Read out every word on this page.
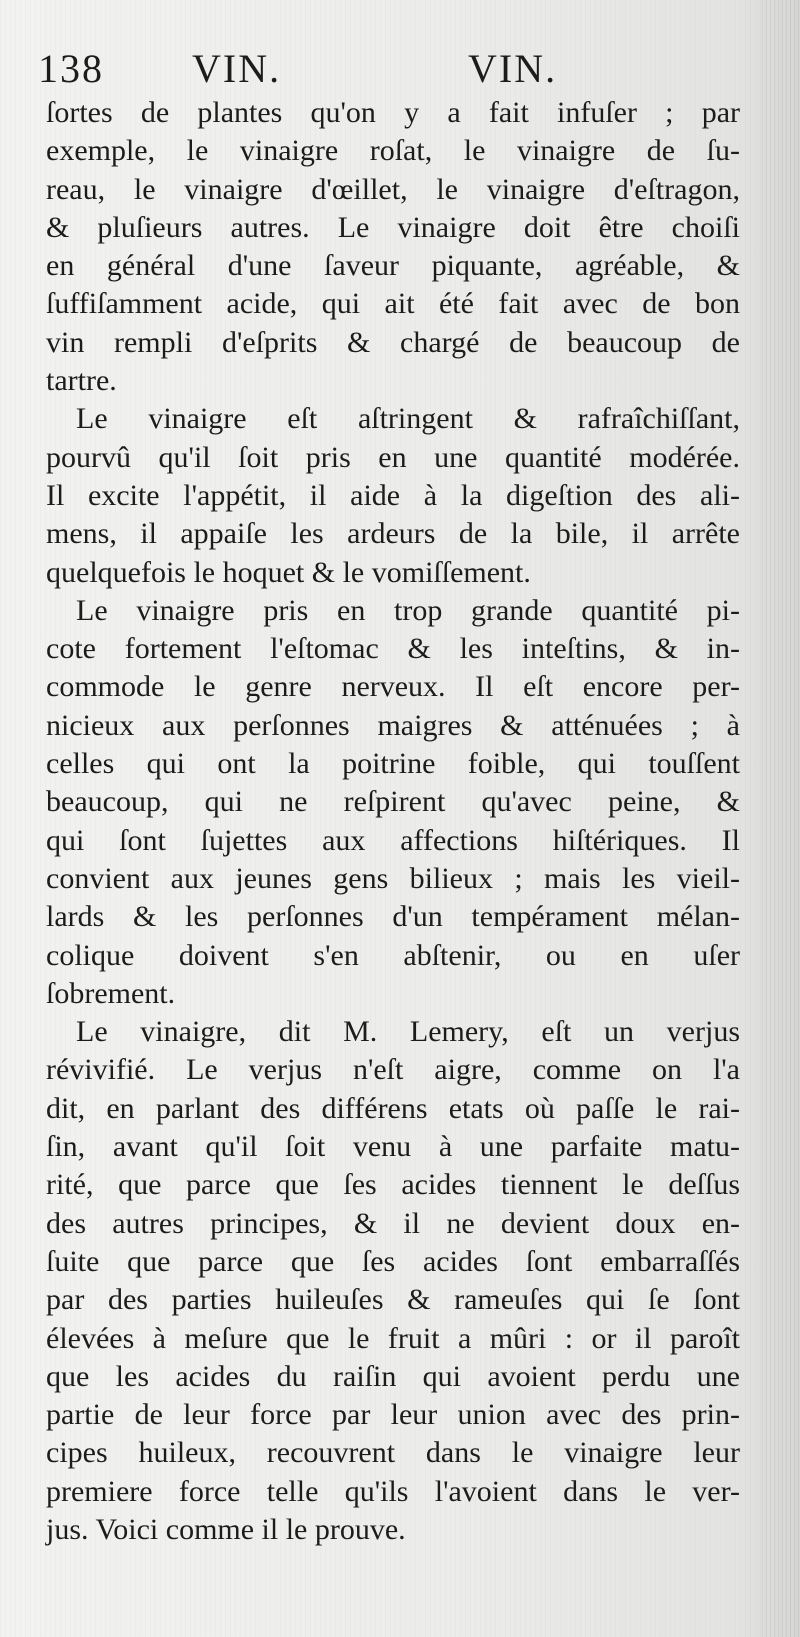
138 VIN.	VIN.
ſortes de plantes qu'on y a fait infuſer ; par
exemple, le vinaigre roſat, le vinaigre de ſu-
reau, le vinaigre d'œillet, le vinaigre d'eſtragon,
& pluſieurs autres. Le vinaigre doit être choiſi
en général d'une ſaveur piquante, agréable, &
ſuffiſamment acide, qui ait été fait avec de bon
vin rempli d'eſprits & chargé de beaucoup de
tartre.
Le vinaigre eſt aſtringent & rafraîchiſſant,
pourvû qu'il ſoit pris en une quantité modérée.
Il excite l'appétit, il aide à la digeſtion des ali-
mens, il appaiſe les ardeurs de la bile, il arrête
quelquefois le hoquet & le vomiſſement.
Le vinaigre pris en trop grande quantité pi-
cote fortement l'eſtomac & les inteſtins, & in-
commode le genre nerveux. Il eſt encore per-
nicieux aux perſonnes maigres & atténuées ; à
celles qui ont la poitrine foible, qui touſſent
beaucoup, qui ne reſpirent qu'avec peine, &
qui ſont ſujettes aux affections hiſtériques. Il
convient aux jeunes gens bilieux ; mais les vieil-
lards & les perſonnes d'un tempérament mélan-
colique doivent s'en abſtenir, ou en uſer
ſobrement.
Le vinaigre, dit M. Lemery, eſt un verjus
révivifié. Le verjus n'eſt aigre, comme on l'a
dit, en parlant des différens etats où paſſe le rai-
ſin, avant qu'il ſoit venu à une parfaite matu-
rité, que parce que ſes acides tiennent le deſſus
des autres principes, & il ne devient doux en-
ſuite que parce que ſes acides ſont embarraſſés
par des parties huileuſes & rameuſes qui ſe ſont
élevées à meſure que le fruit a mûri : or il paroît
que les acides du raiſin qui avoient perdu une
partie de leur force par leur union avec des prin-
cipes huileux, recouvrent dans le vinaigre leur
premiere force telle qu'ils l'avoient dans le ver-
jus. Voici comme il le prouve.
